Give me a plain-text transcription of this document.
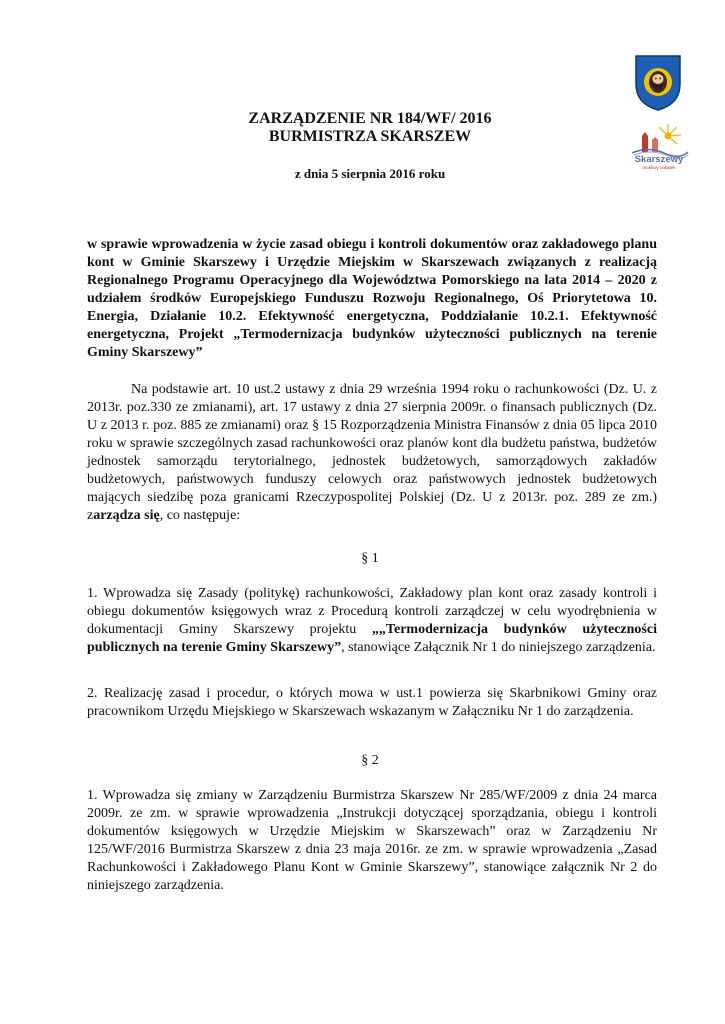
Skarszewy
urokliwy zakątek
ZARZĄDZENIE NR 184/WF/ 2016
BURMISTRZA SKARSZEW
z dnia 5 sierpnia 2016 roku
w sprawie wprowadzenia w życie zasad obiegu i kontroli dokumentów oraz zakładowego planu kont w Gminie Skarszewy i Urzędzie Miejskim w Skarszewach związanych z realizacją Regionalnego Programu Operacyjnego dla Województwa Pomorskiego na lata 2014 – 2020 z udziałem środków Europejskiego Funduszu Rozwoju Regionalnego, Oś Priorytetowa 10. Energia, Działanie 10.2. Efektywność energetyczna, Poddziałanie 10.2.1. Efektywność energetyczna, Projekt „Termodernizacja budynków użyteczności publicznych na terenie Gminy Skarszewy”
Na podstawie art. 10 ust.2 ustawy z dnia 29 września 1994 roku o rachunkowości (Dz. U. z 2013r. poz.330 ze zmianami), art. 17 ustawy z dnia 27 sierpnia 2009r. o finansach publicznych (Dz. U z 2013 r. poz. 885 ze zmianami) oraz § 15 Rozporządzenia Ministra Finansów z dnia 05 lipca 2010 roku w sprawie szczególnych zasad rachunkowości oraz planów kont dla budżetu państwa, budżetów jednostek samorządu terytorialnego, jednostek budżetowych, samorządowych zakładów budżetowych, państwowych funduszy celowych oraz państwowych jednostek budżetowych mających siedzibę poza granicami Rzeczypospolitej Polskiej (Dz. U z 2013r. poz. 289 ze zm.) zarządza się, co następuje:
§ 1
1. Wprowadza się Zasady (politykę) rachunkowości, Zakładowy plan kont oraz zasady kontroli i obiegu dokumentów księgowych wraz z Procedurą kontroli zarządczej w celu wyodrębnienia w dokumentacji Gminy Skarszewy projektu „„Termodernizacja budynków użyteczności publicznych na terenie Gminy Skarszewy”, stanowiące Załącznik Nr 1 do niniejszego zarządzenia.
2. Realizację zasad i procedur, o których mowa w ust.1 powierza się Skarbnikowi Gminy oraz pracownikom Urzędu Miejskiego w Skarszewach wskazanym w Załączniku Nr 1 do zarządzenia.
§ 2
1. Wprowadza się zmiany w Zarządzeniu Burmistrza Skarszew Nr 285/WF/2009 z dnia 24 marca 2009r. ze zm. w sprawie wprowadzenia „Instrukcji dotyczącej sporządzania, obiegu i kontroli dokumentów księgowych w Urzędzie Miejskim w Skarszewach” oraz w Zarządzeniu Nr 125/WF/2016 Burmistrza Skarszew z dnia 23 maja 2016r. ze zm. w sprawie wprowadzenia „Zasad Rachunkowości i Zakładowego Planu Kont w Gminie Skarszewy”, stanowiące załącznik Nr 2 do niniejszego zarządzenia.
